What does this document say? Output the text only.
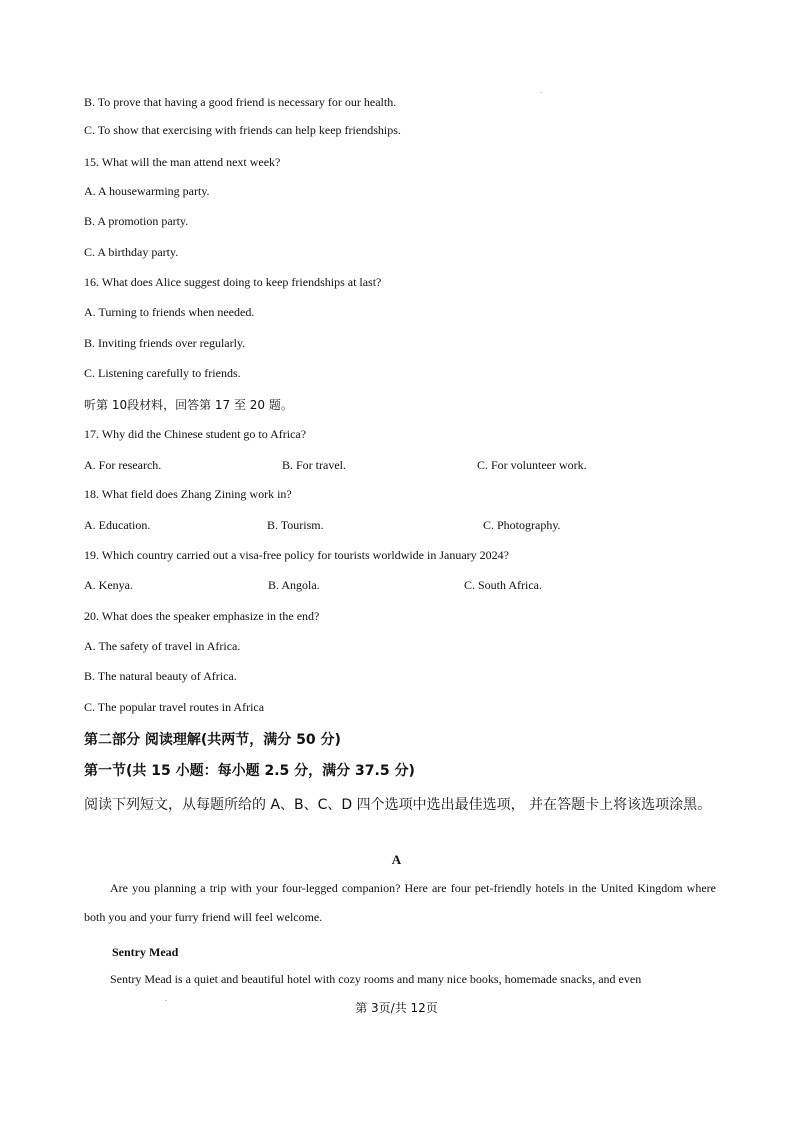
.
B. To prove that having a good friend is necessary for our health.
C. To show that exercising with friends can help keep friendships.
15. What will the man attend next week?
A. A housewarming party.
B. A promotion party.
C. A birthday party.
16. What does Alice suggest doing to keep friendships at last?
A. Turning to friends when needed.
B. Inviting friends over regularly.
C. Listening carefully to friends.
听第 10段材料，回答第 17 至 20 题。
17. Why did the Chinese student go to Africa?
A. For research.	B. For travel.	C. For volunteer work.
18. What field does Zhang Zining work in?
A. Education.	B. Tourism.	C. Photography.
19. Which country carried out a visa-free policy for tourists worldwide in January 2024?
A. Kenya.	B. Angola.	C. South Africa.
20. What does the speaker emphasize in the end?
A. The safety of travel in Africa.
B. The natural beauty of Africa.
C. The popular travel routes in Africa
第二部分 阅读理解(共两节，满分 50 分)
第一节(共 15 小题：每小题 2.5 分，满分 37.5 分)
阅读下列短文，从每题所给的 A、B、C、D 四个选项中选出最佳选项， 并在答题卡上将该选项涂黑。
A
Are you planning a trip with your four-legged companion? Here are four pet-friendly hotels in the United Kingdom where both you and your furry friend will feel welcome.
Sentry Mead
Sentry Mead is a quiet and beautiful hotel with cozy rooms and many nice books, homemade snacks, and even
.
第 3页/共 12页
